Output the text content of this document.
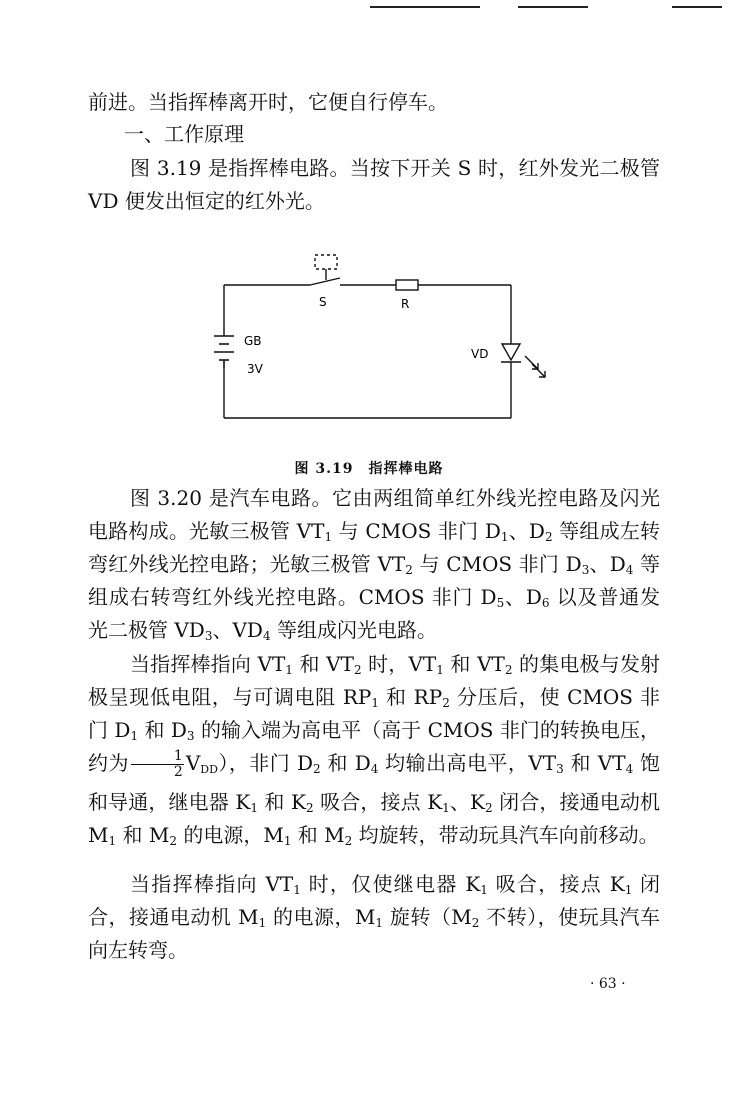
前进。当指挥棒离开时，它便自行停车。

一、工作原理

图 3.19 是指挥棒电路。当按下开关 S 时，红外发光二极管 VD 便发出恒定的红外光。

S	R
GB
3V
VD

图 3.19　指挥棒电路

图 3.20 是汽车电路。它由两组简单红外线光控电路及闪光电路构成。光敏三极管 $VT_1$ 与 CMOS 非门 $D_1$、$D_2$ 等组成左转弯红外线光控电路；光敏三极管 $VT_2$ 与 CMOS 非门 $D_3$、$D_4$ 等组成右转弯红外线光控电路。CMOS 非门 $D_5$、$D_6$ 以及普通发光二极管 $VD_3$、$VD_4$ 等组成闪光电路。

当指挥棒指向 $VT_1$ 和 $VT_2$ 时，$VT_1$ 和 $VT_2$ 的集电极与发射极呈现低电阻，与可调电阻 $RP_1$ 和 $RP_2$ 分压后，使 CMOS 非门 $D_1$ 和 $D_3$ 的输入端为高电平（高于 CMOS 非门的转换电压，约为 $\frac{1}{2} VDD$），非门 $D_2$ 和 $D_4$ 均输出高电平，$VT_3$ 和 $VT_4$ 饱和导通，继电器 $K_1$ 和 $K_2$ 吸合，接点 $K_1$、$K_2$ 闭合，接通电动机 $M_1$ 和 $M_2$ 的电源，$M_1$ 和 $M_2$ 均旋转，带动玩具汽车向前移动。

当指挥棒指向 $VT_1$ 时，仅使继电器 $K_1$ 吸合，接点 $K_1$ 闭合，接通电动机 $M_1$ 的电源，$M_1$ 旋转（$M_2$ 不转），使玩具汽车向左转弯。

· 63 ·
